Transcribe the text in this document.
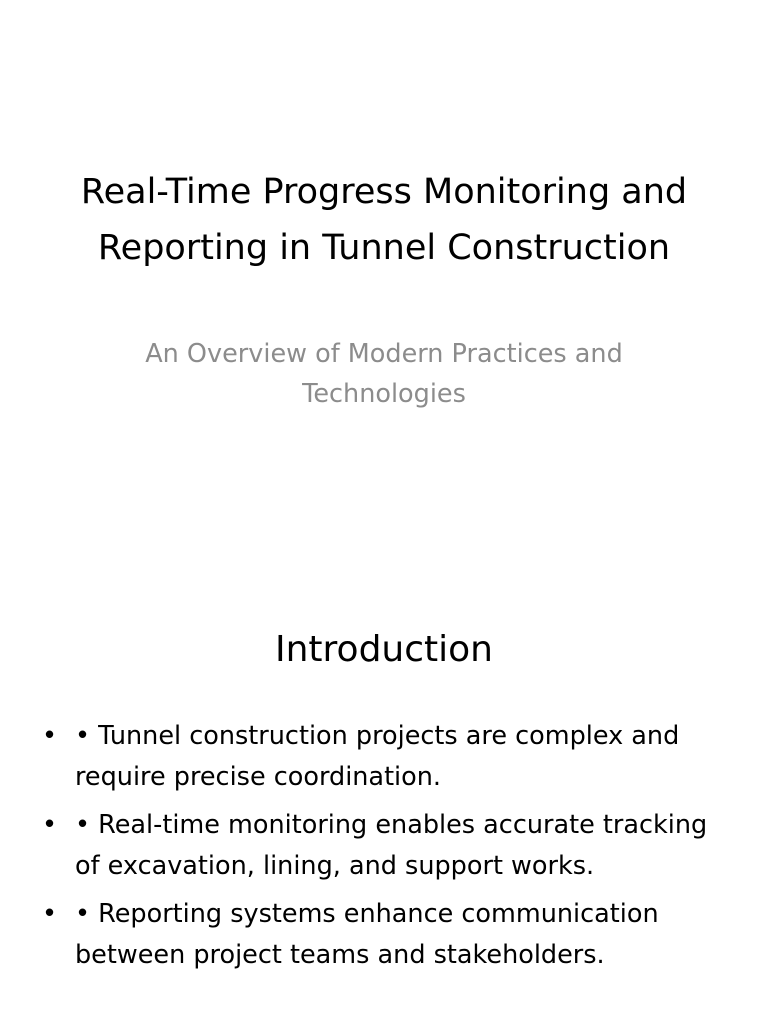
Real-Time Progress Monitoring and Reporting in Tunnel Construction

An Overview of Modern Practices and Technologies

Introduction
• • Tunnel construction projects are complex and require precise coordination.
• • Real-time monitoring enables accurate tracking of excavation, lining, and support works.
• • Reporting systems enhance communication between project teams and stakeholders.
